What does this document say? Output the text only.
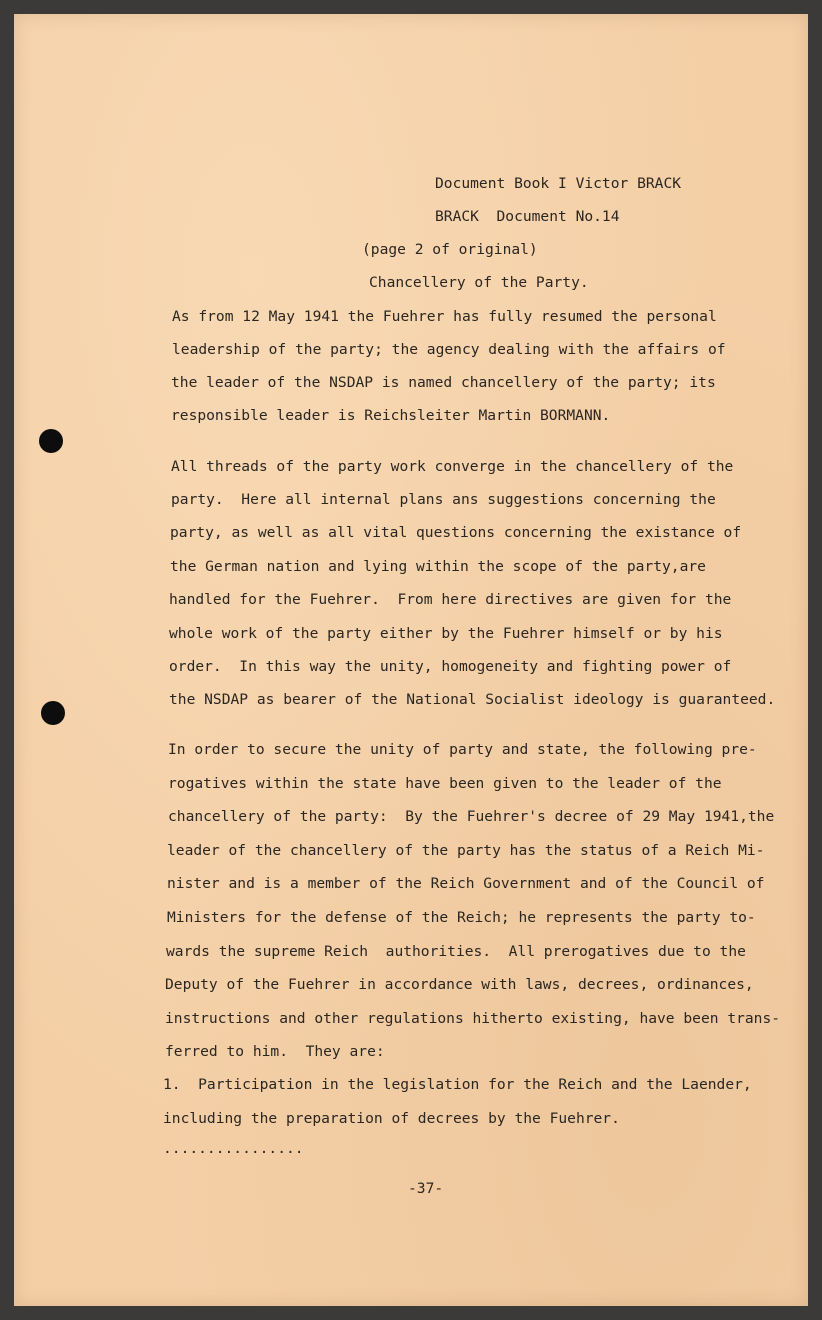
Document Book I Victor BRACK
BRACK  Document No.14
(page 2 of original)
Chancellery of the Party.
As from 12 May 1941 the Fuehrer has fully resumed the personal
leadership of the party; the agency dealing with the affairs of
the leader of the NSDAP is named chancellery of the party; its
responsible leader is Reichsleiter Martin BORMANN.
All threads of the party work converge in the chancellery of the
party.  Here all internal plans ans suggestions concerning the
party, as well as all vital questions concerning the existance of
the German nation and lying within the scope of the party,are
handled for the Fuehrer.  From here directives are given for the
whole work of the party either by the Fuehrer himself or by his
order.  In this way the unity, homogeneity and fighting power of
the NSDAP as bearer of the National Socialist ideology is guaranteed.
In order to secure the unity of party and state, the following pre-
rogatives within the state have been given to the leader of the
chancellery of the party:  By the Fuehrer's decree of 29 May 1941,the
leader of the chancellery of the party has the status of a Reich Mi-
nister and is a member of the Reich Government and of the Council of
Ministers for the defense of the Reich; he represents the party to-
wards the supreme Reich  authorities.  All prerogatives due to the
Deputy of the Fuehrer in accordance with laws, decrees, ordinances,
instructions and other regulations hitherto existing, have been trans-
ferred to him.  They are:
1.  Participation in the legislation for the Reich and the Laender,
including the preparation of decrees by the Fuehrer.
................
-37-
